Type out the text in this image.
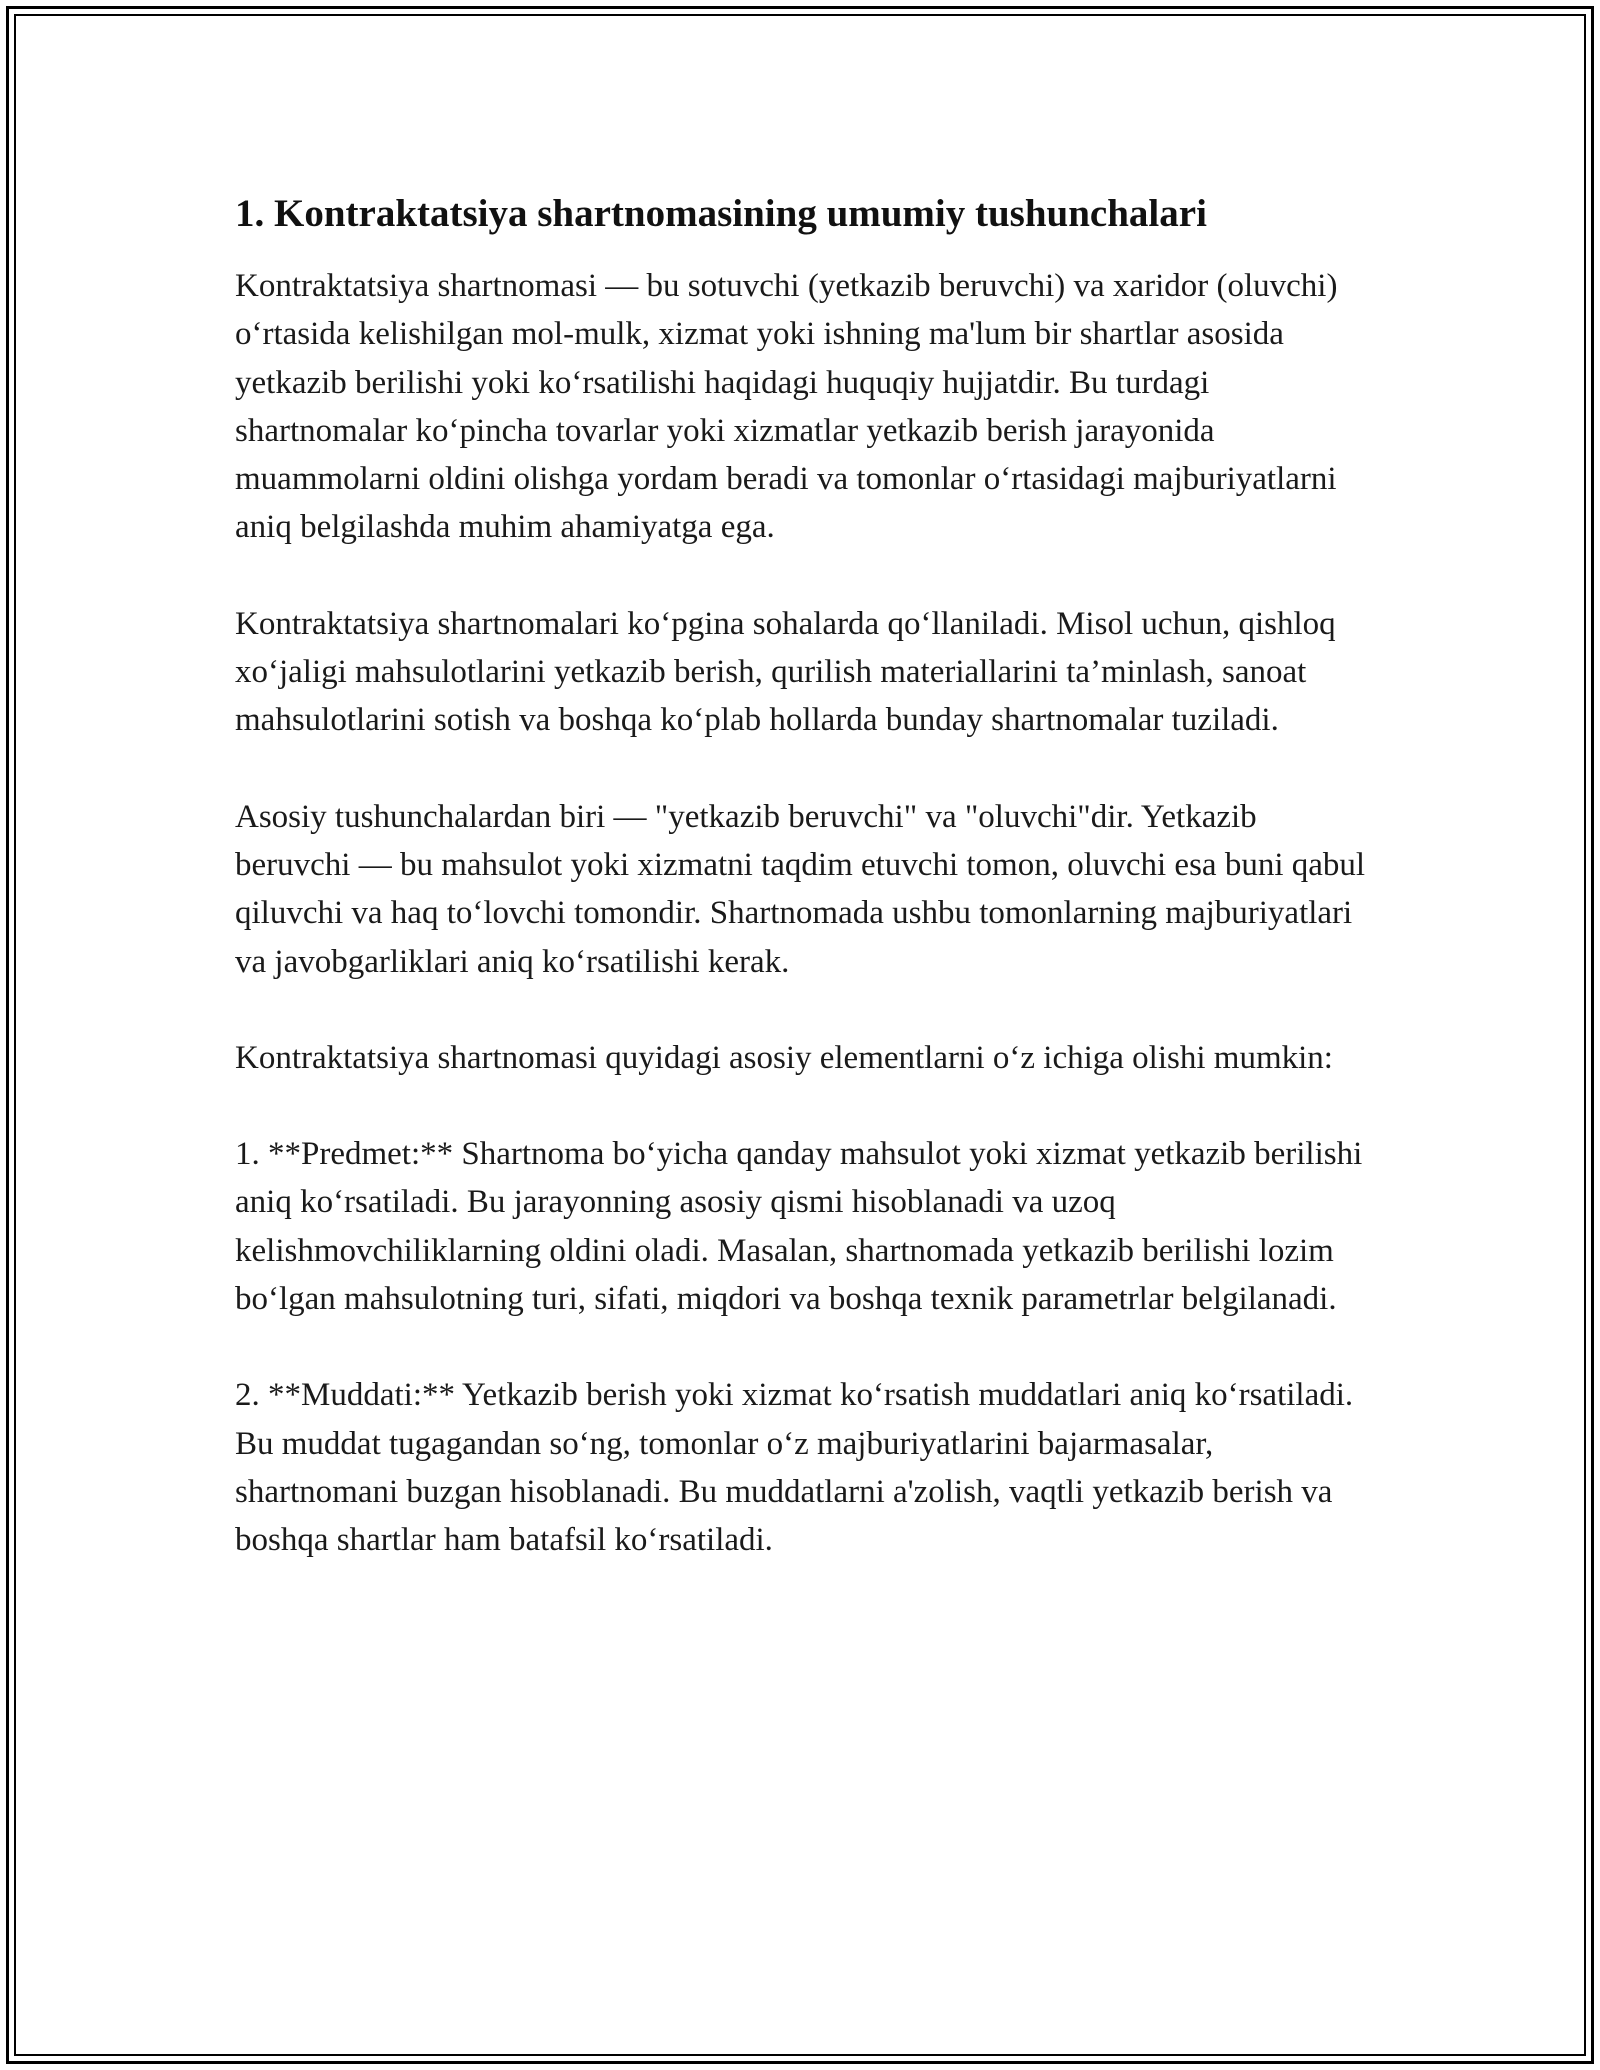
1. Kontraktatsiya shartnomasining umumiy tushunchalari

Kontraktatsiya shartnomasi — bu sotuvchi (yetkazib beruvchi) va xaridor (oluvchi) oʻrtasida kelishilgan mol-mulk, xizmat yoki ishning ma'lum bir shartlar asosida yetkazib berilishi yoki koʻrsatilishi haqidagi huquqiy hujjatdir. Bu turdagi shartnomalar koʻpincha tovarlar yoki xizmatlar yetkazib berish jarayonida muammolarni oldini olishga yordam beradi va tomonlar oʻrtasidagi majburiyatlarni aniq belgilashda muhim ahamiyatga ega.

Kontraktatsiya shartnomalari koʻpgina sohalarda qoʻllaniladi. Misol uchun, qishloq xoʻjaligi mahsulotlarini yetkazib berish, qurilish materiallarini ta’minlash, sanoat mahsulotlarini sotish va boshqa koʻplab hollarda bunday shartnomalar tuziladi.

Asosiy tushunchalardan biri — "yetkazib beruvchi" va "oluvchi"dir. Yetkazib beruvchi — bu mahsulot yoki xizmatni taqdim etuvchi tomon, oluvchi esa buni qabul qiluvchi va haq toʻlovchi tomondir. Shartnomada ushbu tomonlarning majburiyatlari va javobgarliklari aniq koʻrsatilishi kerak.

Kontraktatsiya shartnomasi quyidagi asosiy elementlarni oʻz ichiga olishi mumkin:

1. **Predmet:** Shartnoma boʻyicha qanday mahsulot yoki xizmat yetkazib berilishi aniq koʻrsatiladi. Bu jarayonning asosiy qismi hisoblanadi va uzoq kelishmovchiliklarning oldini oladi. Masalan, shartnomada yetkazib berilishi lozim boʻlgan mahsulotning turi, sifati, miqdori va boshqa texnik parametrlar belgilanadi.

2. **Muddati:** Yetkazib berish yoki xizmat koʻrsatish muddatlari aniq koʻrsatiladi. Bu muddat tugagandan soʻng, tomonlar oʻz majburiyatlarini bajarmasalar, shartnomani buzgan hisoblanadi. Bu muddatlarni a'zolish, vaqtli yetkazib berish va boshqa shartlar ham batafsil koʻrsatiladi.
